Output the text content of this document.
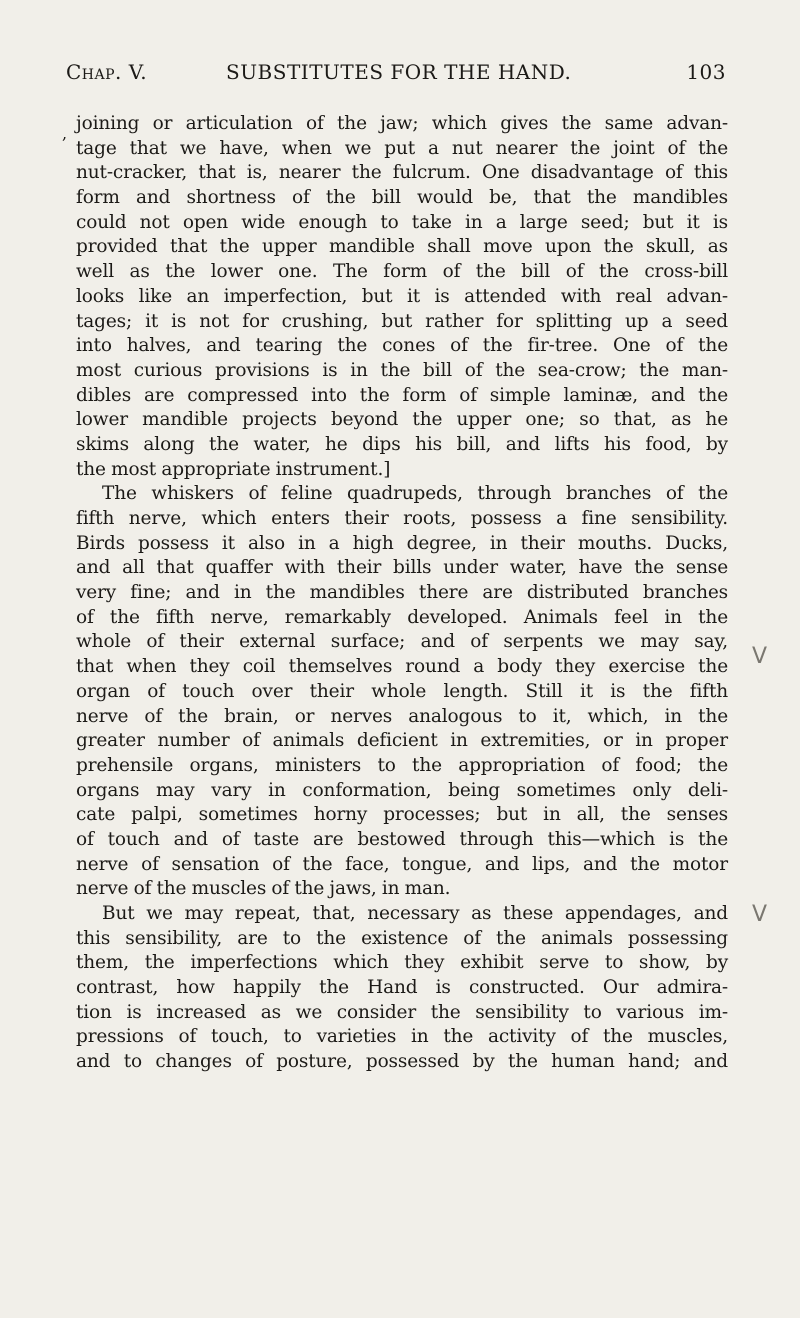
Chap. V.	SUBSTITUTES FOR THE HAND.	103
, joining or articulation of the jaw; which gives the same advan-
tage that we have, when we put a nut nearer the joint of the
nut-cracker, that is, nearer the fulcrum. One disadvantage of this
form and shortness of the bill would be, that the mandibles
could not open wide enough to take in a large seed; but it is
provided that the upper mandible shall move upon the skull, as
well as the lower one. The form of the bill of the cross-bill
looks like an imperfection, but it is attended with real advan-
tages; it is not for crushing, but rather for splitting up a seed
into halves, and tearing the cones of the fir-tree. One of the
most curious provisions is in the bill of the sea-crow; the man-
dibles are compressed into the form of simple laminæ, and the
lower mandible projects beyond the upper one; so that, as he
skims along the water, he dips his bill, and lifts his food, by
the most appropriate instrument.]
The whiskers of feline quadrupeds, through branches of the
fifth nerve, which enters their roots, possess a fine sensibility.
Birds possess it also in a high degree, in their mouths. Ducks,
and all that quaffer with their bills under water, have the sense
very fine; and in the mandibles there are distributed branches
of the fifth nerve, remarkably developed. Animals feel in the
whole of their external surface; and of serpents we may say,
that when they coil themselves round a body they exercise the
organ of touch over their whole length. Still it is the fifth
nerve of the brain, or nerves analogous to it, which, in the
greater number of animals deficient in extremities, or in proper
prehensile organs, ministers to the appropriation of food; the
organs may vary in conformation, being sometimes only deli-
cate palpi, sometimes horny processes; but in all, the senses
of touch and of taste are bestowed through this—which is the
nerve of sensation of the face, tongue, and lips, and the motor
nerve of the muscles of the jaws, in man.
But we may repeat, that, necessary as these appendages, and
this sensibility, are to the existence of the animals possessing
them, the imperfections which they exhibit serve to show, by
contrast, how happily the Hand is constructed. Our admira-
tion is increased as we consider the sensibility to various im-
pressions of touch, to varieties in the activity of the muscles,
and to changes of posture, possessed by the human hand; and
V
V
